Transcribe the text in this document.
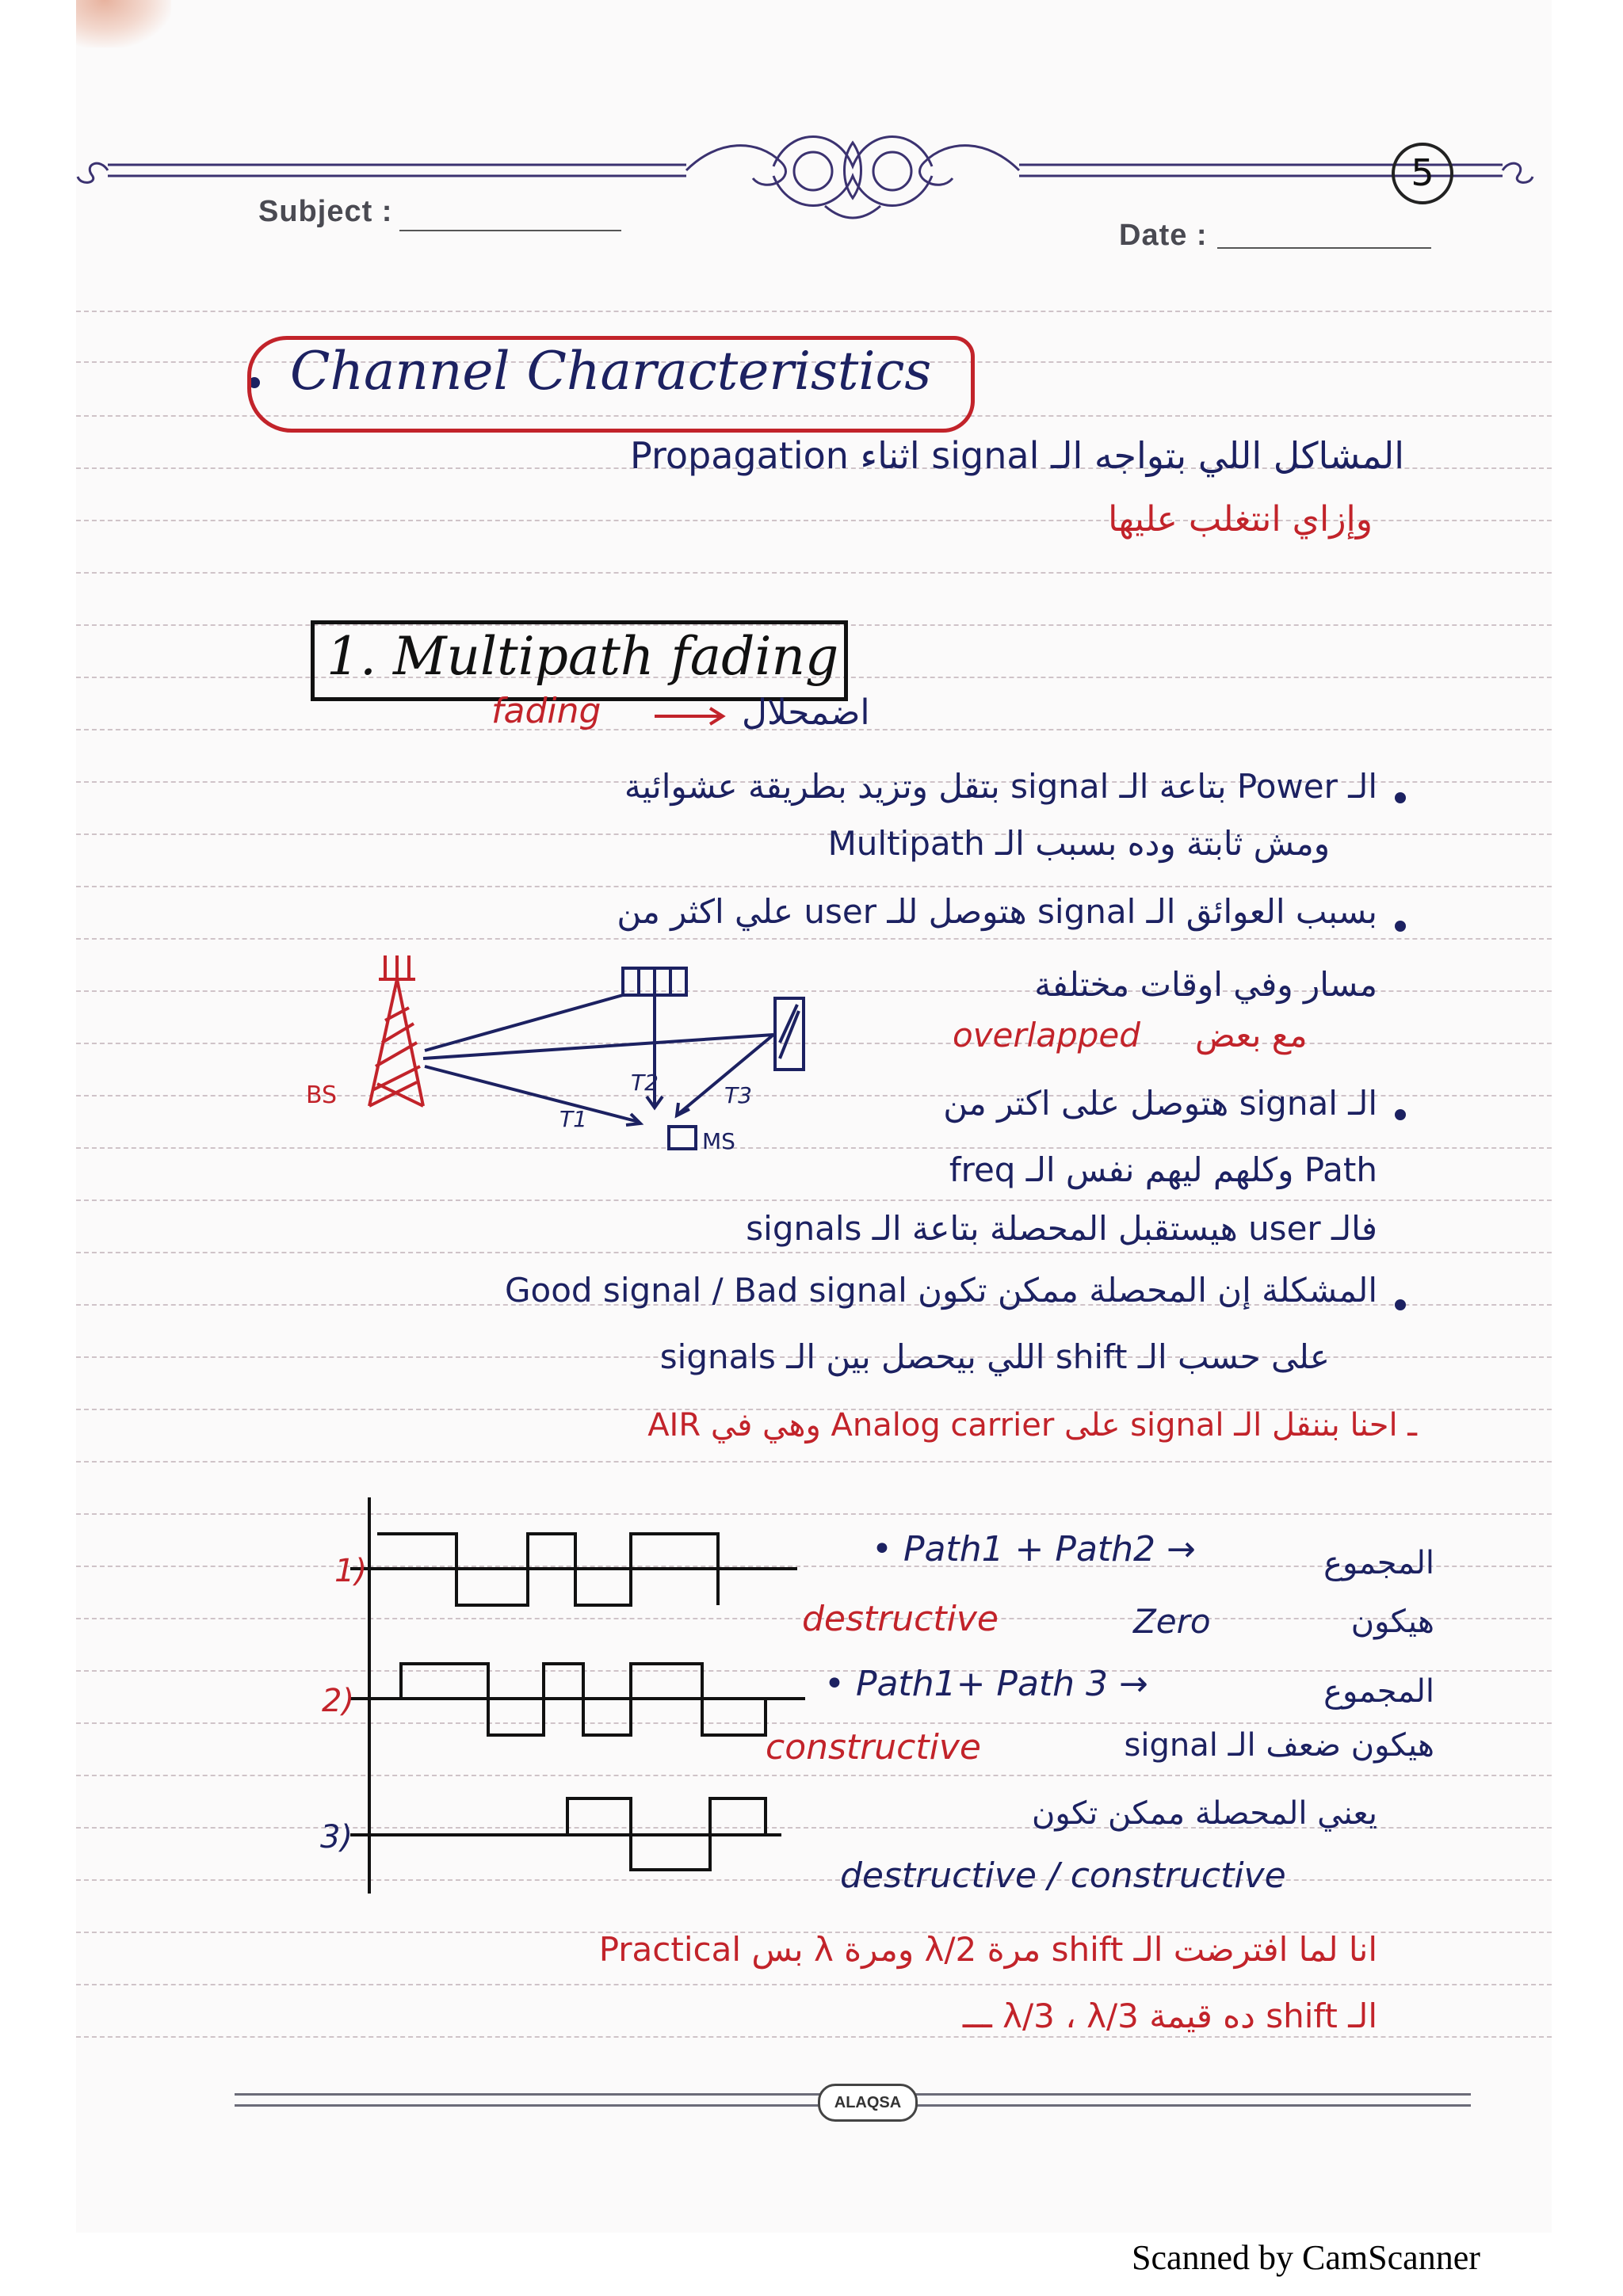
Subject :
Date :
5
Channel Characteristics
المشاكل اللي بتواجه الـ signal اثناء Propagation
وإزاي انتغلب عليها
1. Multipath fading
fading	اضمحلال
الـ Power بتاعة الـ signal بتقل وتزيد بطريقة عشوائية
ومش ثابتة وده بسبب الـ Multipath
بسبب العوائق الـ signal هتوصل للـ user علي اكثر من
مسار وفي اوقات مختلفة
overlapped مع بعض
BS	T2	T3
T1
MS
الـ signal هتوصل على اكتر من
Path وكلهم ليهم نفس الـ freq
فالـ user هيستقبل المحصلة بتاعة الـ signals
المشكلة إن المحصلة ممكن تكون Good signal / Bad signal
على حسب الـ shift اللي بيحصل بين الـ signals
ـ احنا بننقل الـ signal على Analog carrier وهي في AIR
1)
2)
3)
• Path1 + Path2 →	المجموع
destructive	Zero	هيكون
• Path1+ Path 3 →	المجموع
constructive	هيكون ضعف الـ signal
يعني المحصلة ممكن تكون
destructive / constructive
انا لما افترضت الـ shift مرة λ/2 ومرة λ بس Practical
الـ shift ده قيمة λ/3 ، λ/3 ـــ
ALAQSA
Scanned by CamScanner
